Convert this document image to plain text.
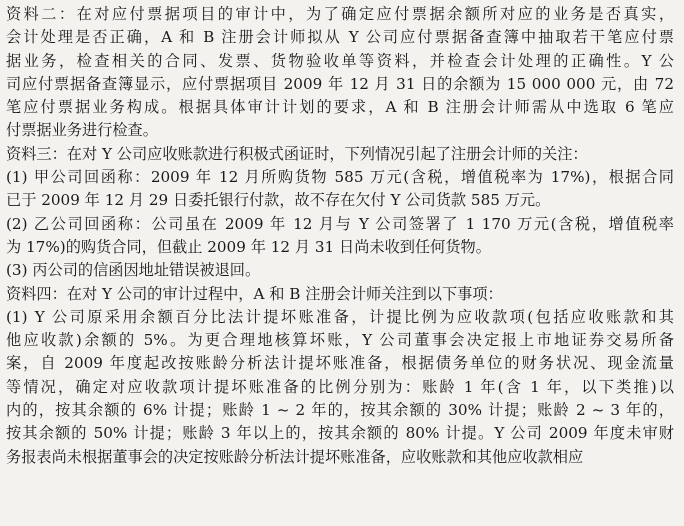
资料二：在对应付票据项目的审计中，为了确定应付票据余额所对应的业务是否真实，
会计处理是否正确，A 和 B 注册会计师拟从 Y 公司应付票据备查簿中抽取若干笔应付票
据业务，检查相关的合同、发票、货物验收单等资料，并检查会计处理的正确性。Y 公
司应付票据备查簿显示，应付票据项目 2009 年 12 月 31 日的余额为 15 000 000 元，由 72
笔应付票据业务构成。根据具体审计计划的要求，A 和 B 注册会计师需从中选取 6 笔应
付票据业务进行检查。
资料三：在对 Y 公司应收账款进行积极式函证时，下列情况引起了注册会计师的关注：
(1) 甲公司回函称：2009 年 12 月所购货物 585 万元(含税，增值税率为 17%)，根据合同
已于 2009 年 12 月 29 日委托银行付款，故不存在欠付 Y 公司货款 585 万元。
(2) 乙公司回函称：公司虽在 2009 年 12 月与 Y 公司签署了 1 170 万元(含税，增值税率
为 17%)的购货合同，但截止 2009 年 12 月 31 日尚未收到任何货物。
(3) 丙公司的信函因地址错误被退回。
资料四：在对 Y 公司的审计过程中，A 和 B 注册会计师关注到以下事项：
(1) Y 公司原采用余额百分比法计提坏账准备，计提比例为应收款项(包括应收账款和其
他应收款)余额的 5%。为更合理地核算坏账，Y 公司董事会决定报上市地证券交易所备
案，自 2009 年度起改按账龄分析法计提坏账准备，根据债务单位的财务状况、现金流量
等情况，确定对应收款项计提坏账准备的比例分别为：账龄 1 年(含 1 年，以下类推)以
内的，按其余额的 6% 计提；账龄 1 ~ 2 年的，按其余额的 30% 计提；账龄 2 ~ 3 年的，
按其余额的 50% 计提；账龄 3 年以上的，按其余额的 80% 计提。Y 公司 2009 年度未审财
务报表尚未根据董事会的决定按账龄分析法计提坏账准备，应收账款和其他应收款相应
